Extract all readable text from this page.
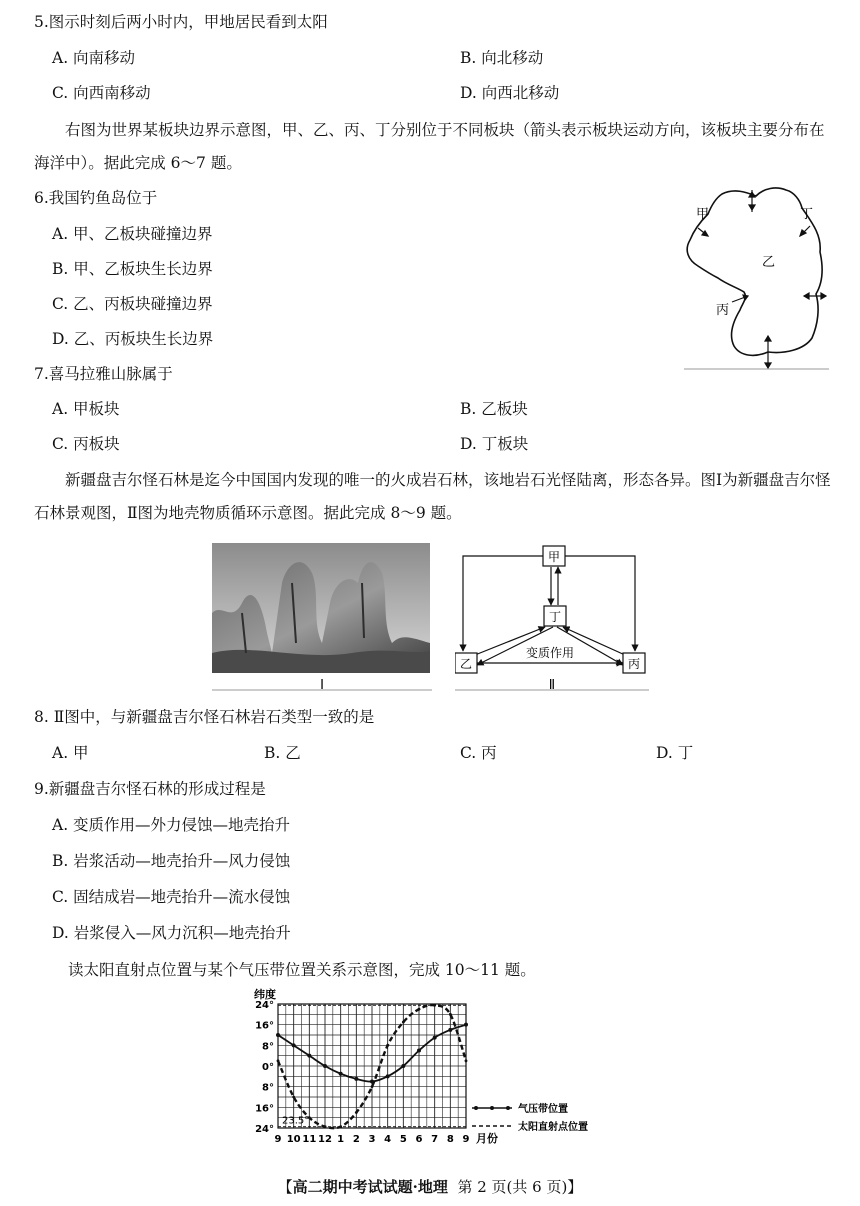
5.图示时刻后两小时内，甲地居民看到太阳
A. 向南移动	B. 向北移动
C. 向西南移动	D. 向西北移动
右图为世界某板块边界示意图，甲、乙、丙、丁分别位于不同板块（箭头表示板块运动方向，该板块主要分布在海洋中）。据此完成 6～7 题。
6.我国钓鱼岛位于
A. 甲、乙板块碰撞边界
B. 甲、乙板块生长边界
C. 乙、丙板块碰撞边界
D. 乙、丙板块生长边界
甲
乙
丙
丁
7.喜马拉雅山脉属于
A. 甲板块	B. 乙板块
C. 丙板块	D. 丁板块
新疆盘吉尔怪石林是迄今中国国内发现的唯一的火成岩石林，该地岩石光怪陆离，形态各异。图Ⅰ为新疆盘吉尔怪石林景观图，Ⅱ图为地壳物质循环示意图。据此完成 8～9 题。
Ⅰ
甲
丁
乙	丙
变质作用
Ⅱ
8. Ⅱ图中，与新疆盘吉尔怪石林岩石类型一致的是
A. 甲	B. 乙	C. 丙	D. 丁
9.新疆盘吉尔怪石林的形成过程是
A. 变质作用—外力侵蚀—地壳抬升
B. 岩浆活动—地壳抬升—风力侵蚀
C. 固结成岩—地壳抬升—流水侵蚀
D. 岩浆侵入—风力沉积—地壳抬升
读太阳直射点位置与某个气压带位置关系示意图，完成 10～11 题。
纬度
24°
16°
8°
0°
8°
16°
24°
9 10 11 12 1 2 3 4 5 6 7 8 9
23.5°
月份
气压带位置
太阳直射点位置
【高二期中考试试题·地理 第 2 页(共 6 页)】
